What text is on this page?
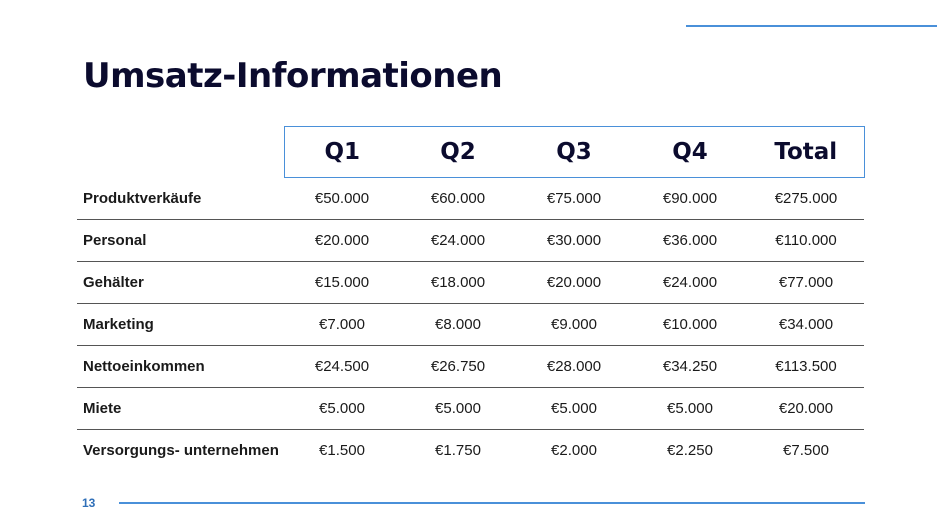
Umsatz-Informationen
	Q1	Q2	Q3	Q4	Total
Produktverkäufe	€50.000	€60.000	€75.000	€90.000	€275.000
Personal	€20.000	€24.000	€30.000	€36.000	€110.000
Gehälter	€15.000	€18.000	€20.000	€24.000	€77.000
Marketing	€7.000	€8.000	€9.000	€10.000	€34.000
Nettoeinkommen	€24.500	€26.750	€28.000	€34.250	€113.500
Miete	€5.000	€5.000	€5.000	€5.000	€20.000
Versorgungs- unternehmen	€1.500	€1.750	€2.000	€2.250	€7.500
13
